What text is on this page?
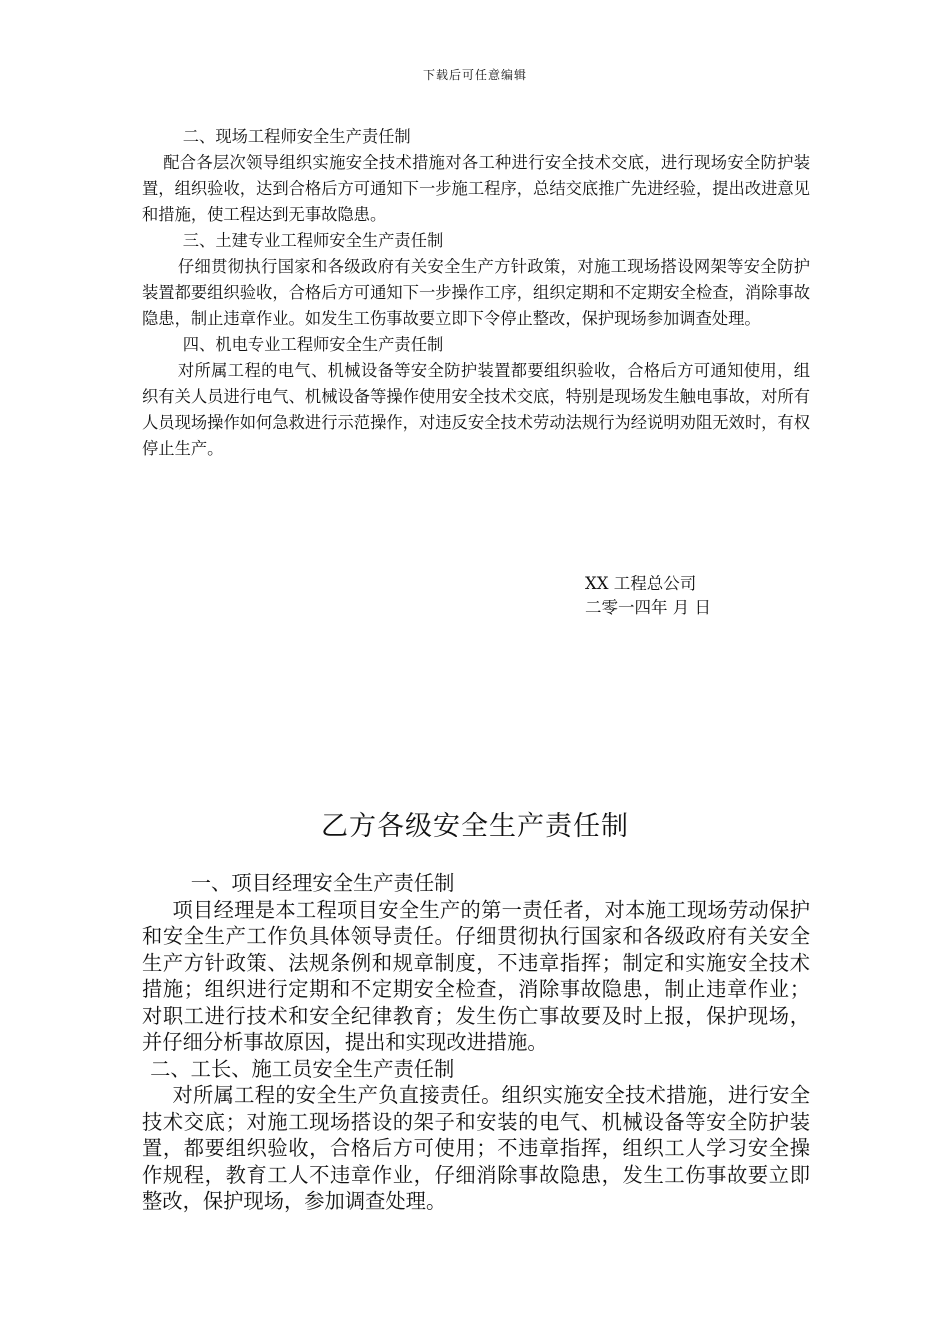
下载后可任意编辑

二、现场工程师安全生产责任制

配合各层次领导组织实施安全技术措施对各工种进行安全技术交底，进行现场安全防护装置，组织验收，达到合格后方可通知下一步施工程序，总结交底推广先进经验，提出改进意见和措施，使工程达到无事故隐患。

三、土建专业工程师安全生产责任制

仔细贯彻执行国家和各级政府有关安全生产方针政策，对施工现场搭设网架等安全防护装置都要组织验收，合格后方可通知下一步操作工序，组织定期和不定期安全检查，消除事故隐患，制止违章作业。如发生工伤事故要立即下令停止整改，保护现场参加调查处理。

四、机电专业工程师安全生产责任制

对所属工程的电气、机械设备等安全防护装置都要组织验收，合格后方可通知使用，组织有关人员进行电气、机械设备等操作使用安全技术交底，特别是现场发生触电事故，对所有人员现场操作如何急救进行示范操作，对违反安全技术劳动法规行为经说明劝阻无效时，有权停止生产。

XX 工程总公司
二零一四年 月 日
乙方各级安全生产责任制

一、项目经理安全生产责任制

项目经理是本工程项目安全生产的第一责任者，对本施工现场劳动保护和安全生产工作负具体领导责任。仔细贯彻执行国家和各级政府有关安全生产方针政策、法规条例和规章制度，不违章指挥；制定和实施安全技术措施；组织进行定期和不定期安全检查，消除事故隐患，制止违章作业；对职工进行技术和安全纪律教育；发生伤亡事故要及时上报，保护现场，并仔细分析事故原因，提出和实现改进措施。

二、工长、施工员安全生产责任制

对所属工程的安全生产负直接责任。组织实施安全技术措施，进行安全技术交底；对施工现场搭设的架子和安装的电气、机械设备等安全防护装置，都要组织验收，合格后方可使用；不违章指挥，组织工人学习安全操作规程，教育工人不违章作业，仔细消除事故隐患，发生工伤事故要立即整改，保护现场，参加调查处理。
